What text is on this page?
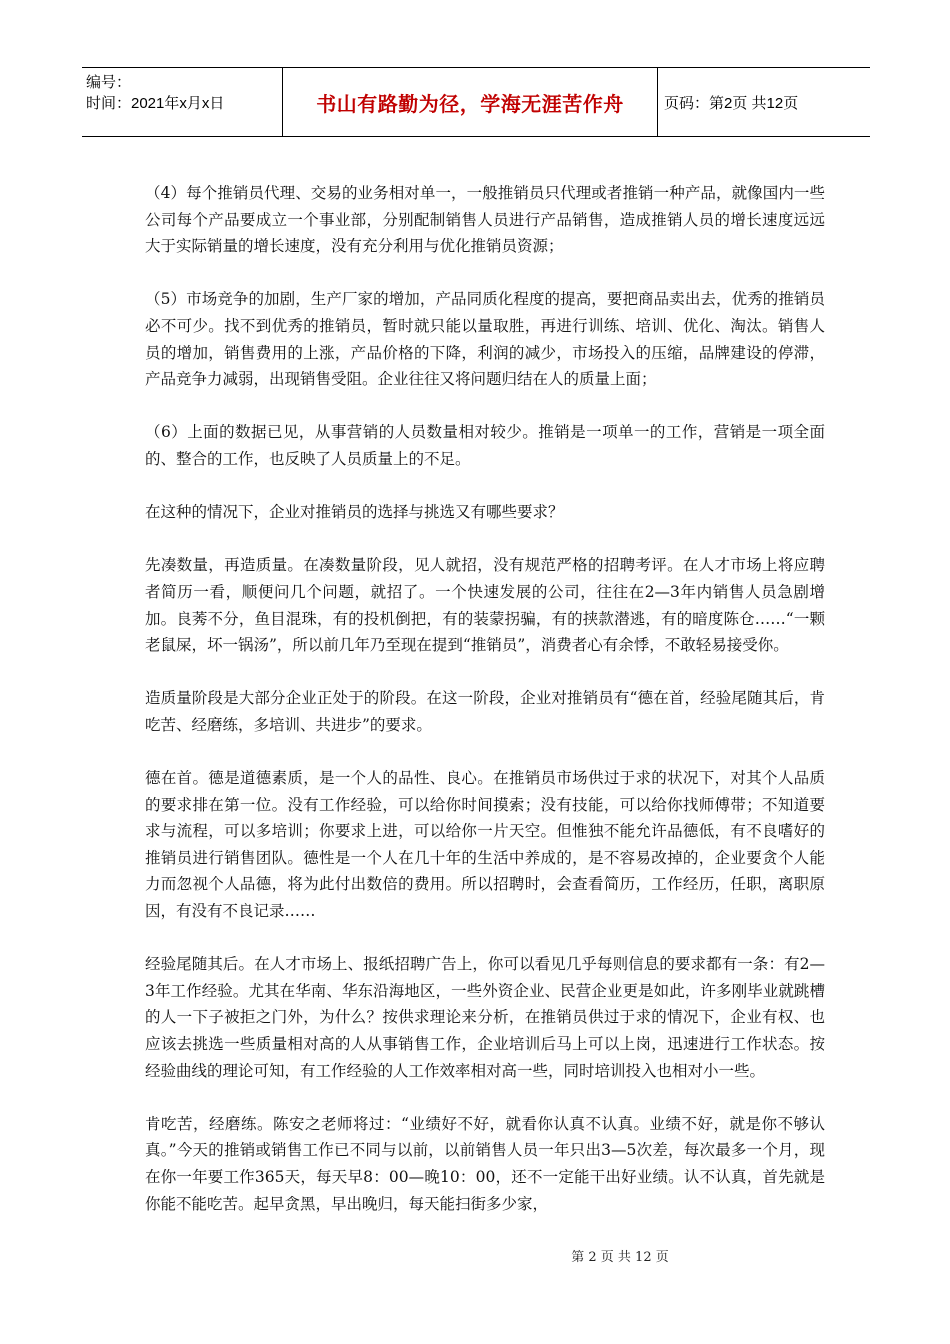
编号：
时间：2021年x月x日	书山有路勤为径，学海无涯苦作舟	页码：第2页 共12页

（4）每个推销员代理、交易的业务相对单一，一般推销员只代理或者推销一种产品，就像国内一些公司每个产品要成立一个事业部，分别配制销售人员进行产品销售，造成推销人员的增长速度远远大于实际销量的增长速度，没有充分利用与优化推销员资源；

（5）市场竞争的加剧，生产厂家的增加，产品同质化程度的提高，要把商品卖出去，优秀的推销员必不可少。找不到优秀的推销员，暂时就只能以量取胜，再进行训练、培训、优化、淘汰。销售人员的增加，销售费用的上涨，产品价格的下降，利润的减少，市场投入的压缩，品牌建设的停滞，产品竞争力减弱，出现销售受阻。企业往往又将问题归结在人的质量上面；

（6）上面的数据已见，从事营销的人员数量相对较少。推销是一项单一的工作，营销是一项全面的、整合的工作，也反映了人员质量上的不足。

在这种的情况下，企业对推销员的选择与挑选又有哪些要求？

先凑数量，再造质量。在凑数量阶段，见人就招，没有规范严格的招聘考评。在人才市场上将应聘者简历一看，顺便问几个问题，就招了。一个快速发展的公司，往往在2—3年内销售人员急剧增加。良莠不分，鱼目混珠，有的投机倒把，有的装蒙拐骗，有的挟款潜逃，有的暗度陈仓……“一颗老鼠屎，坏一锅汤”，所以前几年乃至现在提到“推销员”，消费者心有余悸，不敢轻易接受你。

造质量阶段是大部分企业正处于的阶段。在这一阶段，企业对推销员有“德在首，经验尾随其后，肯吃苦、经磨练，多培训、共进步”的要求。

德在首。德是道德素质，是一个人的品性、良心。在推销员市场供过于求的状况下，对其个人品质的要求排在第一位。没有工作经验，可以给你时间摸索；没有技能，可以给你找师傅带；不知道要求与流程，可以多培训；你要求上进，可以给你一片天空。但惟独不能允许品德低，有不良嗜好的推销员进行销售团队。德性是一个人在几十年的生活中养成的，是不容易改掉的，企业要贪个人能力而忽视个人品德，将为此付出数倍的费用。所以招聘时，会查看简历，工作经历，任职，离职原因，有没有不良记录……

经验尾随其后。在人才市场上、报纸招聘广告上，你可以看见几乎每则信息的要求都有一条：有2—3年工作经验。尤其在华南、华东沿海地区，一些外资企业、民营企业更是如此，许多刚毕业就跳槽的人一下子被拒之门外，为什么？按供求理论来分析，在推销员供过于求的情况下，企业有权、也应该去挑选一些质量相对高的人从事销售工作，企业培训后马上可以上岗，迅速进行工作状态。按经验曲线的理论可知，有工作经验的人工作效率相对高一些，同时培训投入也相对小一些。

肯吃苦，经磨练。陈安之老师将过：“业绩好不好，就看你认真不认真。业绩不好，就是你不够认真。”今天的推销或销售工作已不同与以前，以前销售人员一年只出3—5次差，每次最多一个月，现在你一年要工作365天，每天早8：00—晚10：00，还不一定能干出好业绩。认不认真，首先就是你能不能吃苦。起早贪黑，早出晚归，每天能扫街多少家，

第 2 页 共 12 页
